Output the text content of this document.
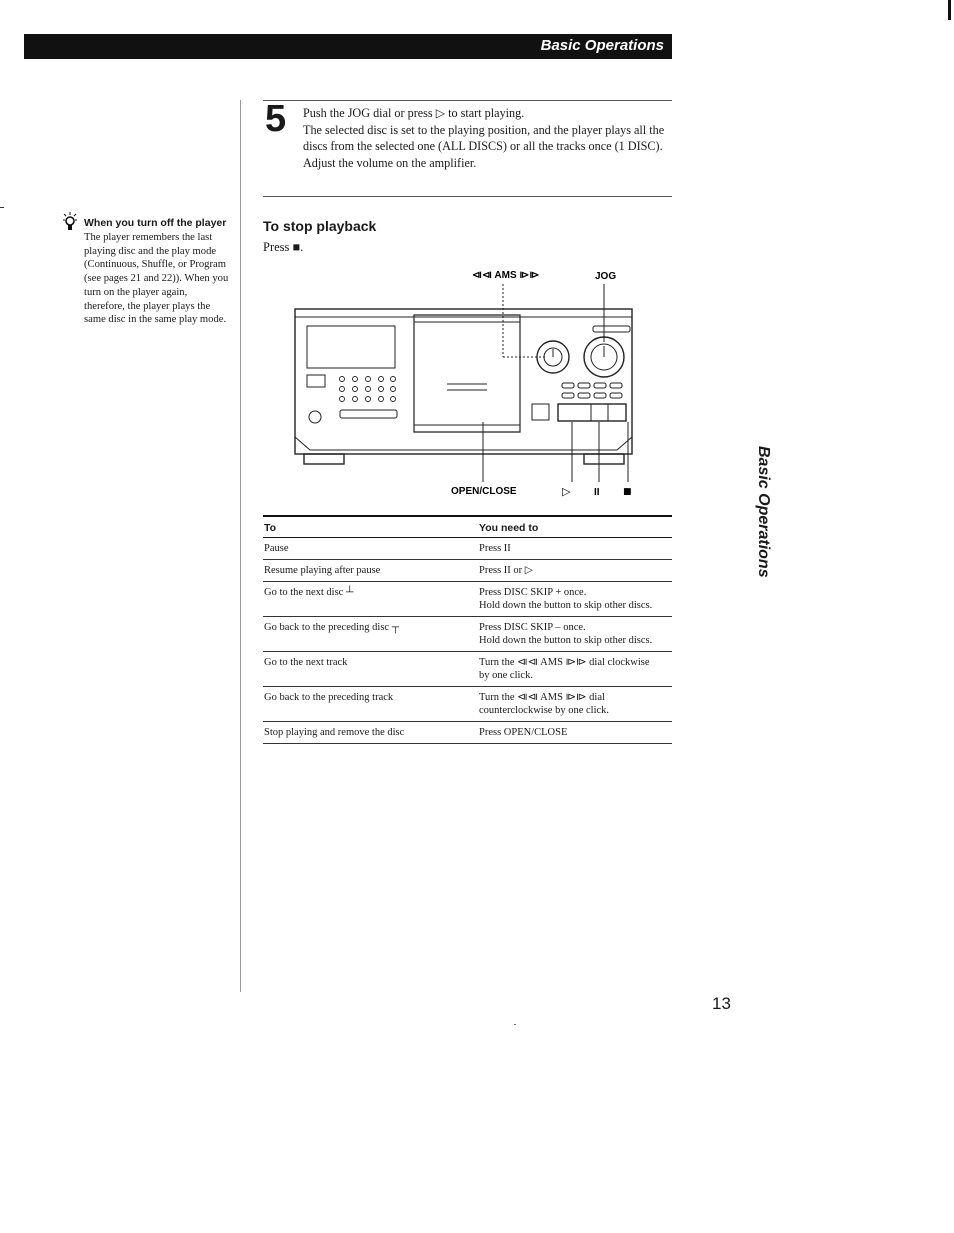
Basic Operations
When you turn off the player
The player remembers the last playing disc and the play mode (Continuous, Shuffle, or Program (see pages 21 and 22)). When you turn on the player again, therefore, the player plays the same disc in the same play mode.
5 Push the JOG dial or press ▷ to start playing.

The selected disc is set to the playing position, and the player plays all the discs from the selected one (ALL DISCS) or all the tracks once (1 DISC).

Adjust the volume on the amplifier.

To stop playback
Press ■.
⧏⧏ AMS ⧐⧐	JOG
OPEN/CLOSE	▷ II	■
To	You need to
Pause	Press II
Resume playing after pause	Press II or ▷
Go to the next disc ┴	Press DISC SKIP + once.
Hold down the button to skip other discs.

Go back to the preceding disc ┬	Press DISC SKIP – once.
Hold down the button to skip other discs.

Go to the next track	Turn the ⧏⧏ AMS ⧐⧐ dial clockwise
by one click.

Go back to the preceding track	Turn the ⧏⧏ AMS ⧐⧐ dial
counterclockwise by one click.

Stop playing and remove the disc	Press OPEN/CLOSE
Basic Operations
13
